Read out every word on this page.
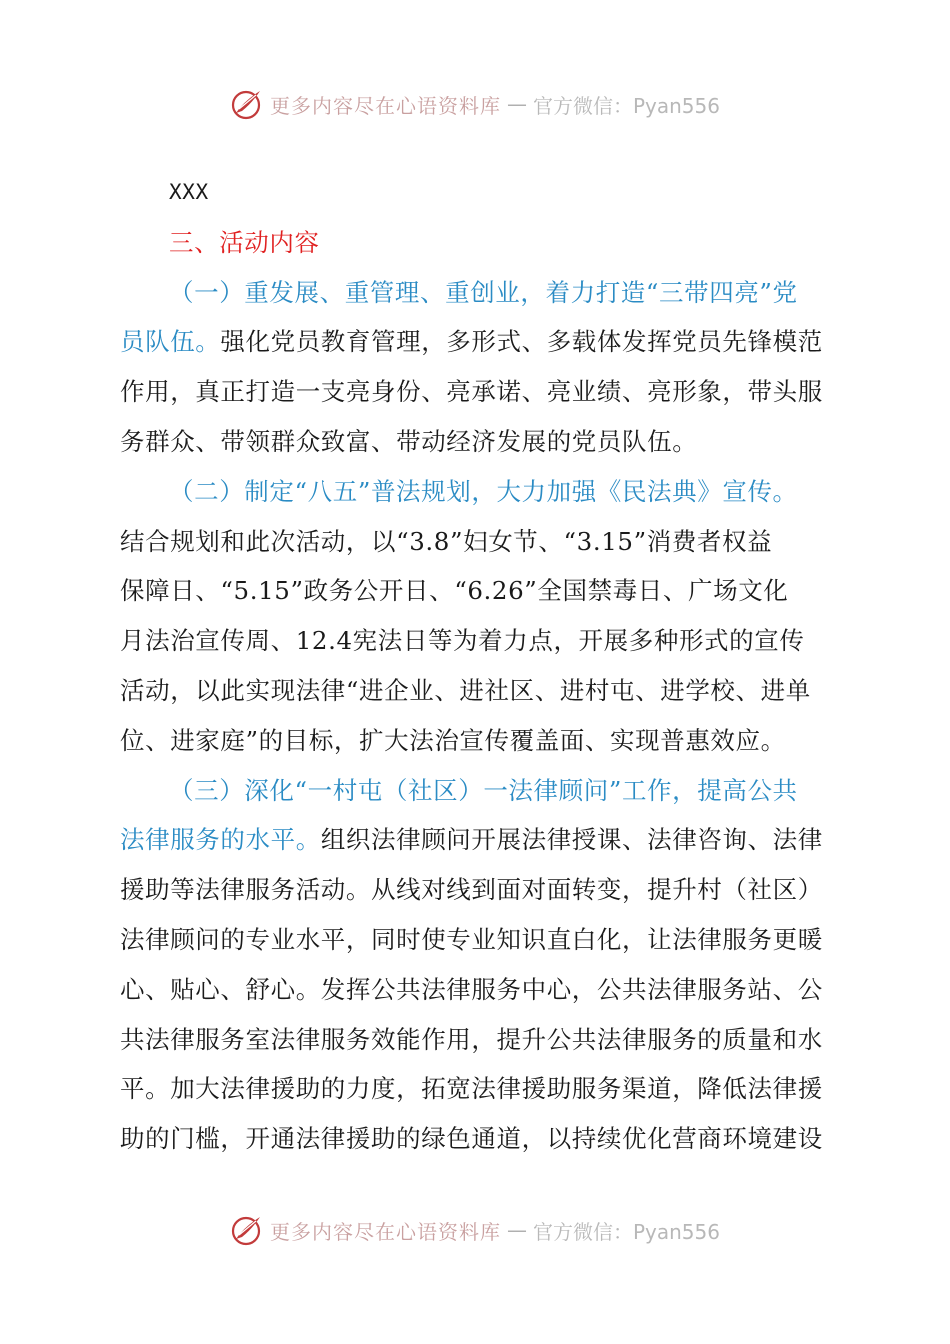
更多内容尽在心语资料库 — 官方微信：Pyan556
XXX
三、活动内容
（一）重发展、重管理、重创业，着力打造“三带四亮”党
员队伍。强化党员教育管理，多形式、多载体发挥党员先锋模范
作用，真正打造一支亮身份、亮承诺、亮业绩、亮形象，带头服
务群众、带领群众致富、带动经济发展的党员队伍。
（二）制定“八五”普法规划，大力加强《民法典》宣传。
结合规划和此次活动，以“3.8”妇女节、“3.15”消费者权益
保障日、“5.15”政务公开日、“6.26”全国禁毒日、广场文化
月法治宣传周、12.4宪法日等为着力点，开展多种形式的宣传
活动，以此实现法律“进企业、进社区、进村屯、进学校、进单
位、进家庭”的目标，扩大法治宣传覆盖面、实现普惠效应。
（三）深化“一村屯（社区）一法律顾问”工作，提高公共
法律服务的水平。组织法律顾问开展法律授课、法律咨询、法律
援助等法律服务活动。从线对线到面对面转变，提升村（社区）
法律顾问的专业水平，同时使专业知识直白化，让法律服务更暖
心、贴心、舒心。发挥公共法律服务中心，公共法律服务站、公
共法律服务室法律服务效能作用，提升公共法律服务的质量和水
平。加大法律援助的力度，拓宽法律援助服务渠道，降低法律援
助的门槛，开通法律援助的绿色通道，以持续优化营商环境建设
更多内容尽在心语资料库 — 官方微信：Pyan556
